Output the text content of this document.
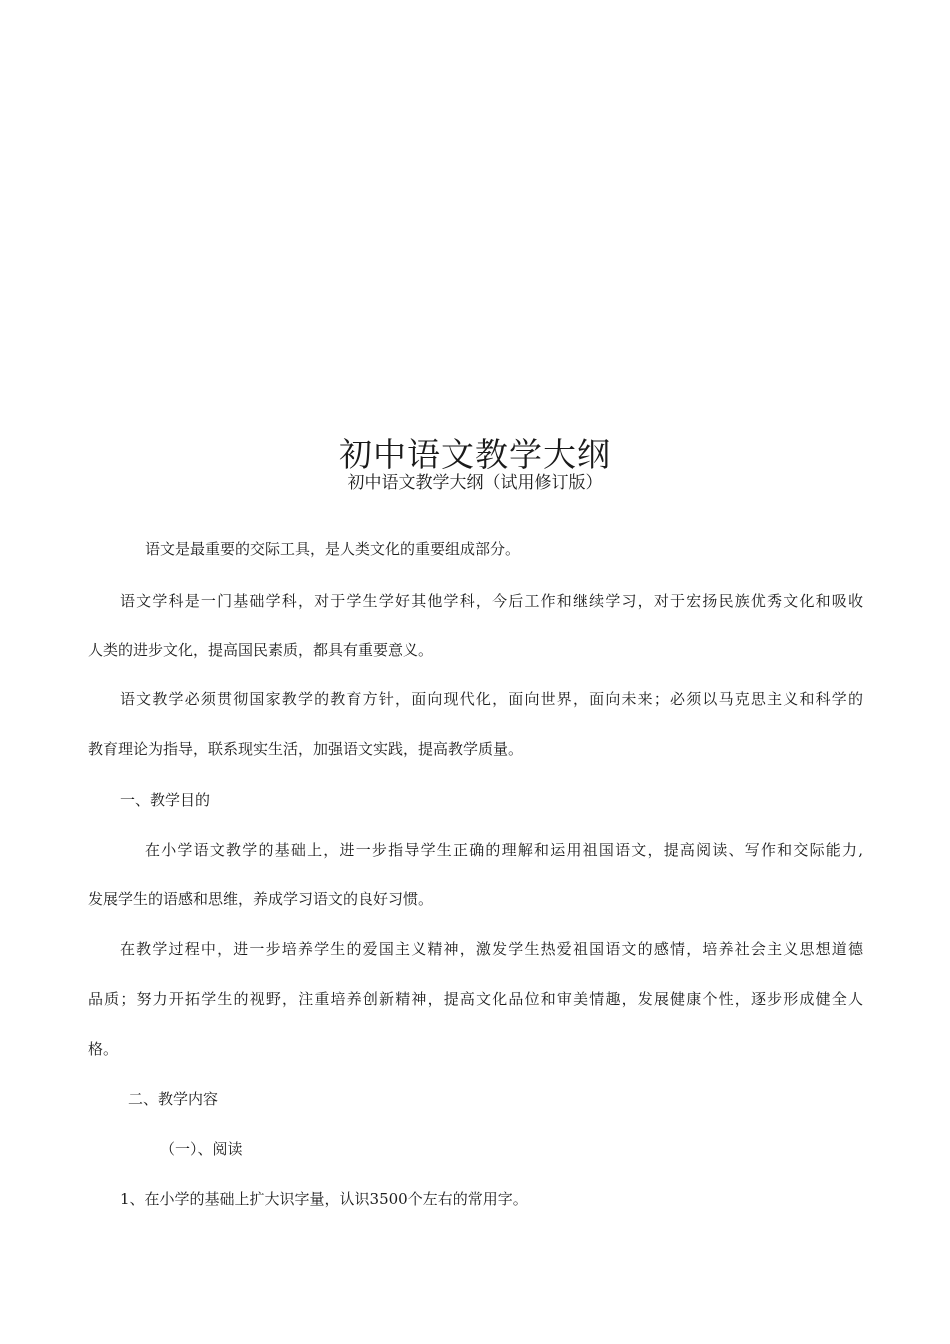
初中语文教学大纲
初中语文教学大纲（试用修订版）
语文是最重要的交际工具，是人类文化的重要组成部分。
语文学科是一门基础学科，对于学生学好其他学科，今后工作和继续学习，对于宏扬民族优秀文化和吸收
人类的进步文化，提高国民素质，都具有重要意义。
语文教学必须贯彻国家教学的教育方针，面向现代化，面向世界，面向未来；必须以马克思主义和科学的
教育理论为指导，联系现实生活，加强语文实践，提高教学质量。
一、教学目的
在小学语文教学的基础上，进一步指导学生正确的理解和运用祖国语文，提高阅读、写作和交际能力,
发展学生的语感和思维，养成学习语文的良好习惯。
在教学过程中，进一步培养学生的爱国主义精神，激发学生热爱祖国语文的感情，培养社会主义思想道德
品质；努力开拓学生的视野，注重培养创新精神，提高文化品位和审美情趣，发展健康个性，逐步形成健全人
格。
二、教学内容
（一）、阅读
1、在小学的基础上扩大识字量，认识3500个左右的常用字。
